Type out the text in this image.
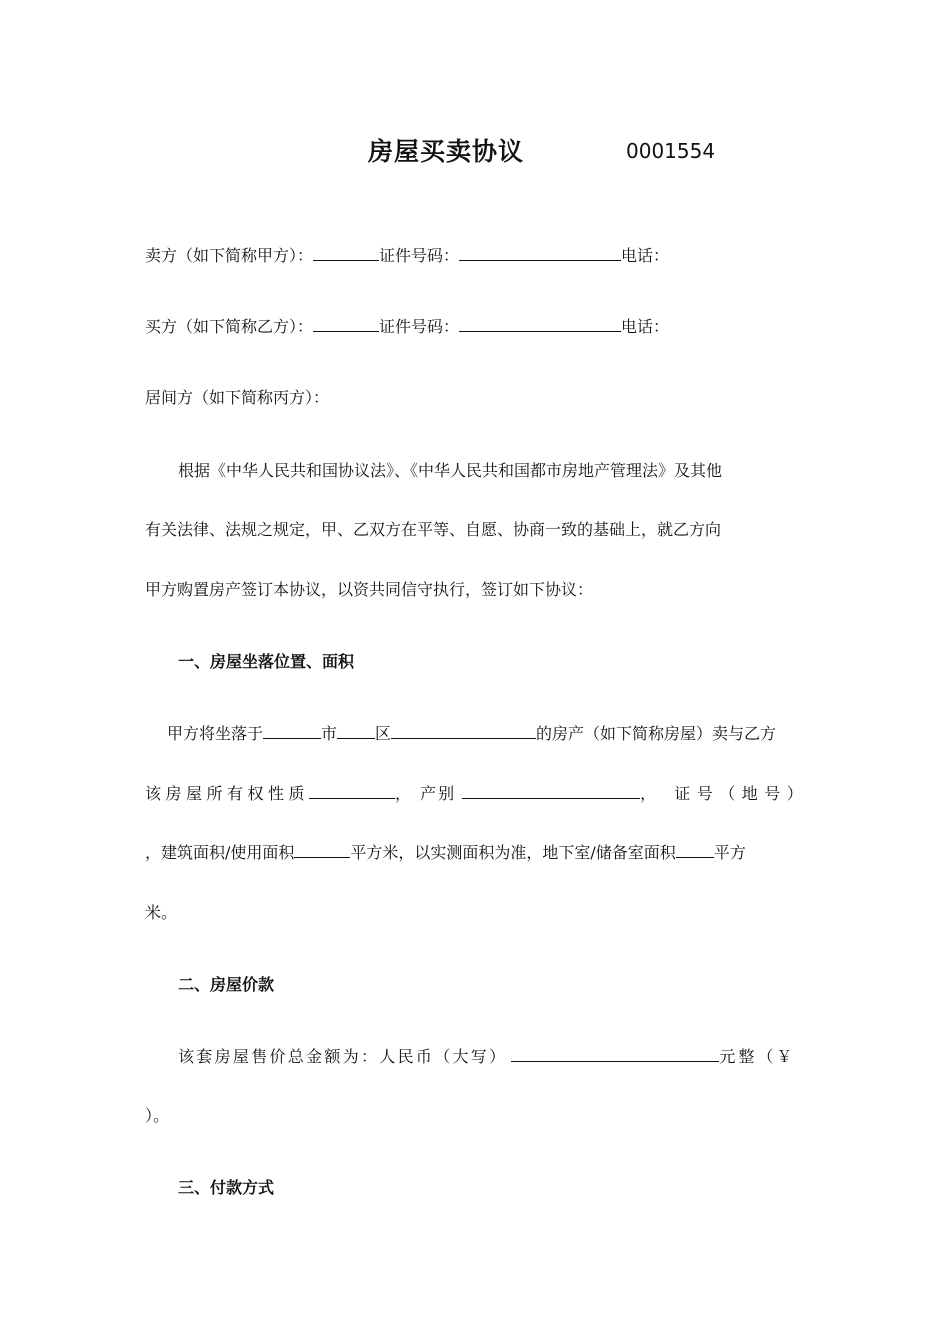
房屋买卖协议	0001554
卖方（如下简称甲方）：	证件号码：	电话：
买方（如下简称乙方）：	证件号码：	电话：
居间方（如下简称丙方）：
根据《中华人民共和国协议法》、《中华人民共和国都市房地产管理法》及其他
有关法律、法规之规定，甲、乙双方在平等、自愿、协商一致的基础上，就乙方向
甲方购置房产签订本协议，以资共同信守执行，签订如下协议：
一、房屋坐落位置、面积
甲方将坐落于	市 区	的房产（如下简称房屋）卖与乙方
该房屋所有权性质	， 产别	， 证号（地号）
，建筑面积/使用面积	平方米，以实测面积为准，地下室/储备室面积 平方
米。
二、房屋价款
该套房屋售价总金额为：人民币（大写）	元整（￥
）。
三、付款方式
